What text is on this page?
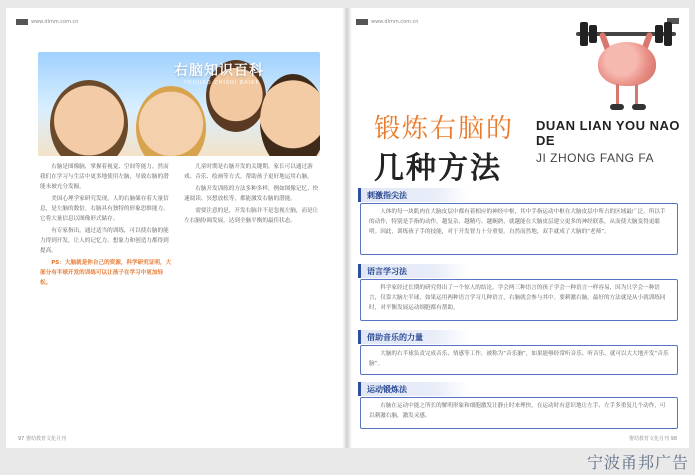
www.dlmm.com.cn
右脑知识百科
YOUJIAO ZHISHI BAIKE

右脑是图像脑，掌握着视觉、空间等能力。然而我们在学习与生活中更多地使用左脑，导致右脑的潜能未被充分发掘。

美国心理学家研究发现，人的右脑储存着大量信息，是左脑的数倍。右脑具有独特的形象思维能力，它将大量信息以图像形式储存。

有专家指出，通过适当的训练，可以使右脑的能力得到开发，让人的记忆力、想象力和创造力都得到提高。

PS：大脑就是你自己的资源，科学研究证明，大部分有半球开发的训练可以让孩子在学习中更加轻松。

儿童时期是右脑开发的关键期。家长可以通过游戏、音乐、绘画等方式，帮助孩子更好地运用右脑。

右脑开发训练的方法多种多样，例如图像记忆、快速阅读、冥想放松等，都能激发右脑的潜能。

需要注意的是，开发右脑并不是忽视左脑，而是让左右脑协调发展，达到全脑平衡的最佳状态。

97 婴幼教育文化月刊
www.dlmm.com.cn
锻炼右脑的
几种方法
DUAN LIAN YOU NAO DE
JI ZHONG FANG FA
刺激指尖法

人体的每一块肌肉在大脑皮层中都有着相应的神经中枢，其中手指运动中枢在大脑皮层中所占的区域最广泛，所以手的动作，特别是手指的动作，越复杂、越精巧、越娴熟，就越能在大脑皮层建立更多的神经联系，从而使大脑变得更聪明。因此，训练孩子手的技能，对于开发智力十分重要。自然而然地，双手就成了大脑的“老师”。

语言学习法

科学家经过长期的研究得出了一个惊人的结论，学会两三种语言的孩子学会一种语言一样容易，因为只学会一种语言，仅靠大脑左半球，如果运用两种语言学习几种语言，右脑就会参与其中。要刺激右脑，最好的方法就是从小就训练同时，对平衡发展运动细胞都有帮助。

借助音乐的力量

大脑的右半球负责完成音乐、情感等工作，被称为“音乐脑”，如果能够经常听音乐、听音乐，就可以大大地开发“音乐脑”。

运动锻炼法

右脑在运动中能之所长的解明形象和细胞激发让静止时来理快。在运动时有意识地让左手、左手多重复几个动作，可以刺激右脑，激发灵感。

婴幼教育文化月刊 98
宁波甬邦广告
